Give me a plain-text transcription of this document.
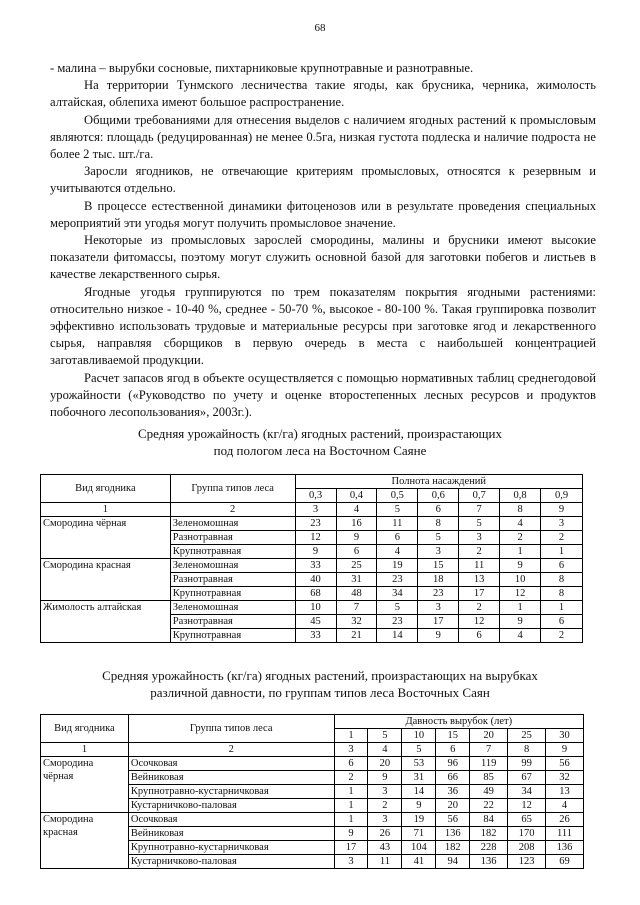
68

- малина – вырубки сосновые, пихтарниковые крупнотравные и разнотравные.

На территории Тунмского лесничества такие ягоды, как брусника, черника, жимолость алтайская, облепиха имеют большое распространение.

Общими требованиями для отнесения выделов с наличием ягодных растений к промысловым являются: площадь (редуцированная) не менее 0.5га, низкая густота подлеска и наличие подроста не более 2 тыс. шт./га.

Заросли ягодников, не отвечающие критериям промысловых, относятся к резервным и учитываются отдельно.

В процессе естественной динамики фитоценозов или в результате проведения специальных мероприятий эти угодья могут получить промысловое значение.

Некоторые из промысловых зарослей смородины, малины и брусники имеют высокие показатели фитомассы, поэтому могут служить основной базой для заготовки побегов и листьев в качестве лекарственного сырья.

Ягодные угодья группируются по трем показателям покрытия ягодными растениями: относительно низкое - 10-40 %, среднее - 50-70 %, высокое - 80-100 %. Такая группировка позволит эффективно использовать трудовые и материальные ресурсы при заготовке ягод и лекарственного сырья, направляя сборщиков в первую очередь в места с наибольшей концентрацией заготавливаемой продукции.

Расчет запасов ягод в объекте осуществляется с помощью нормативных таблиц среднегодовой урожайности («Руководство по учету и оценке второстепенных лесных ресурсов и продуктов побочного лесопользования», 2003г.).

Средняя урожайность (кг/га) ягодных растений, произрастающих
под пологом леса на Восточном Саяне
Вид ягодника	Группа типов леса	Полнота насаждений						
		0,3	0,4	0,5	0,6	0,7	0,8	0,9
1	2	3	4	5	6	7	8	9
Смородина чёрная	Зеленомошная	23	16	11	8	5	4	3
	Разнотравная	12	9	6	5	3	2	2
	Крупнотравная	9	6	4	3	2	1	1
Смородина красная	Зеленомошная	33	25	19	15	11	9	6
	Разнотравная	40	31	23	18	13	10	8
	Крупнотравная	68	48	34	23	17	12	8
Жимолость алтайская	Зеленомошная	10	7	5	3	2	1	1
	Разнотравная	45	32	23	17	12	9	6
	Крупнотравная	33	21	14	9	6	4	2
Средняя урожайность (кг/га) ягодных растений, произрастающих на вырубках
различной давности, по группам типов леса Восточных Саян
Вид ягодника	Группа типов леса	Давность вырубок (лет)						
		1	5	10	15	20	25	30
1	2	3	4	5	6	7	8	9
Смородина чёрная	Осочковая	6	20	53	96	119	99	56
	Вейниковая	2	9	31	66	85	67	32
	Крупнотравно-кустарничковая	1	3	14	36	49	34	13
	Кустарничково-паловая	1	2	9	20	22	12	4
Смородина красная	Осочковая	1	3	19	56	84	65	26
	Вейниковая	9	26	71	136	182	170	111
	Крупнотравно-кустарничковая	17	43	104	182	228	208	136
	Кустарничково-паловая	3	11	41	94	136	123	69
